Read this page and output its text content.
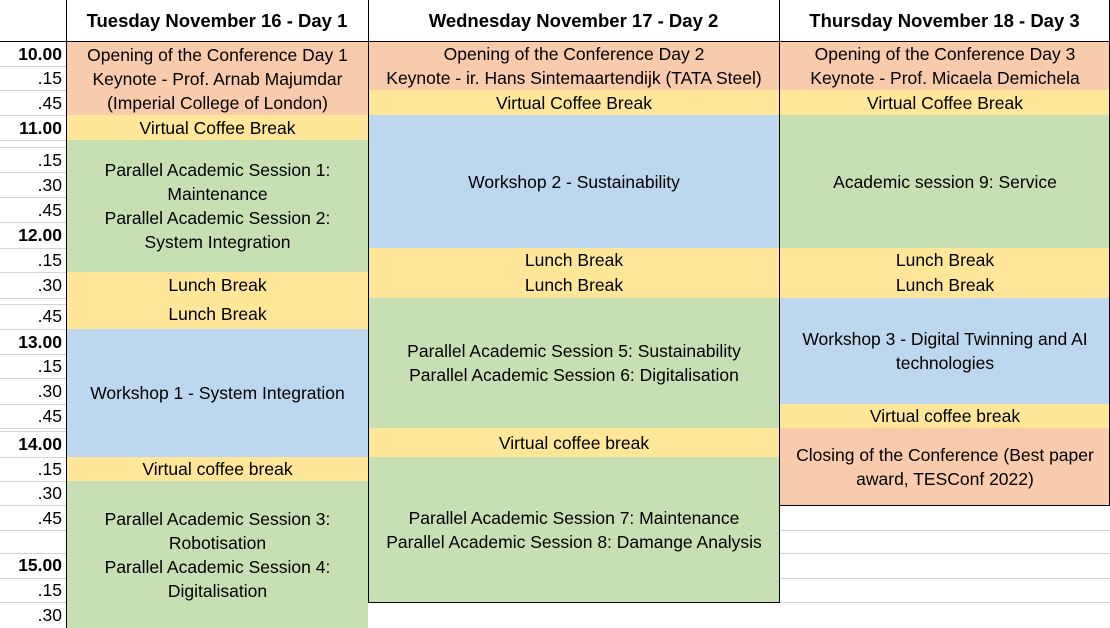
Tuesday November 16 - Day 1	Wednesday November 17 - Day 2	Thursday November 18 - Day 3
10.00
.15
.45
11.00
.15
.30
.45
12.00
.15
.30
.45
13.00
.15
.30
.45
14.00
.15
.30
.45
15.00
.15
.30
Opening of the Conference Day 1
Keynote - Prof. Arnab Majumdar
(Imperial College of London)
Virtual Coffee Break
Parallel Academic Session 1:
Maintenance
Parallel Academic Session 2:
System Integration
Lunch Break
Lunch Break
Workshop 1 - System Integration
Virtual coffee break
Parallel Academic Session 3:
Robotisation
Parallel Academic Session 4:
Digitalisation
Opening of the Conference Day 2
Keynote - ir. Hans Sintemaartendijk (TATA Steel)
Virtual Coffee Break
Workshop 2 - Sustainability
Lunch Break
Lunch Break
Parallel Academic Session 5: Sustainability
Parallel Academic Session 6: Digitalisation
Virtual coffee break
Parallel Academic Session 7: Maintenance
Parallel Academic Session 8: Damange Analysis
Opening of the Conference Day 3
Keynote - Prof. Micaela Demichela
Virtual Coffee Break
Academic session 9: Service
Lunch Break
Lunch Break
Workshop 3 - Digital Twinning and AI
technologies
Virtual coffee break
Closing of the Conference (Best paper
award, TESConf 2022)
